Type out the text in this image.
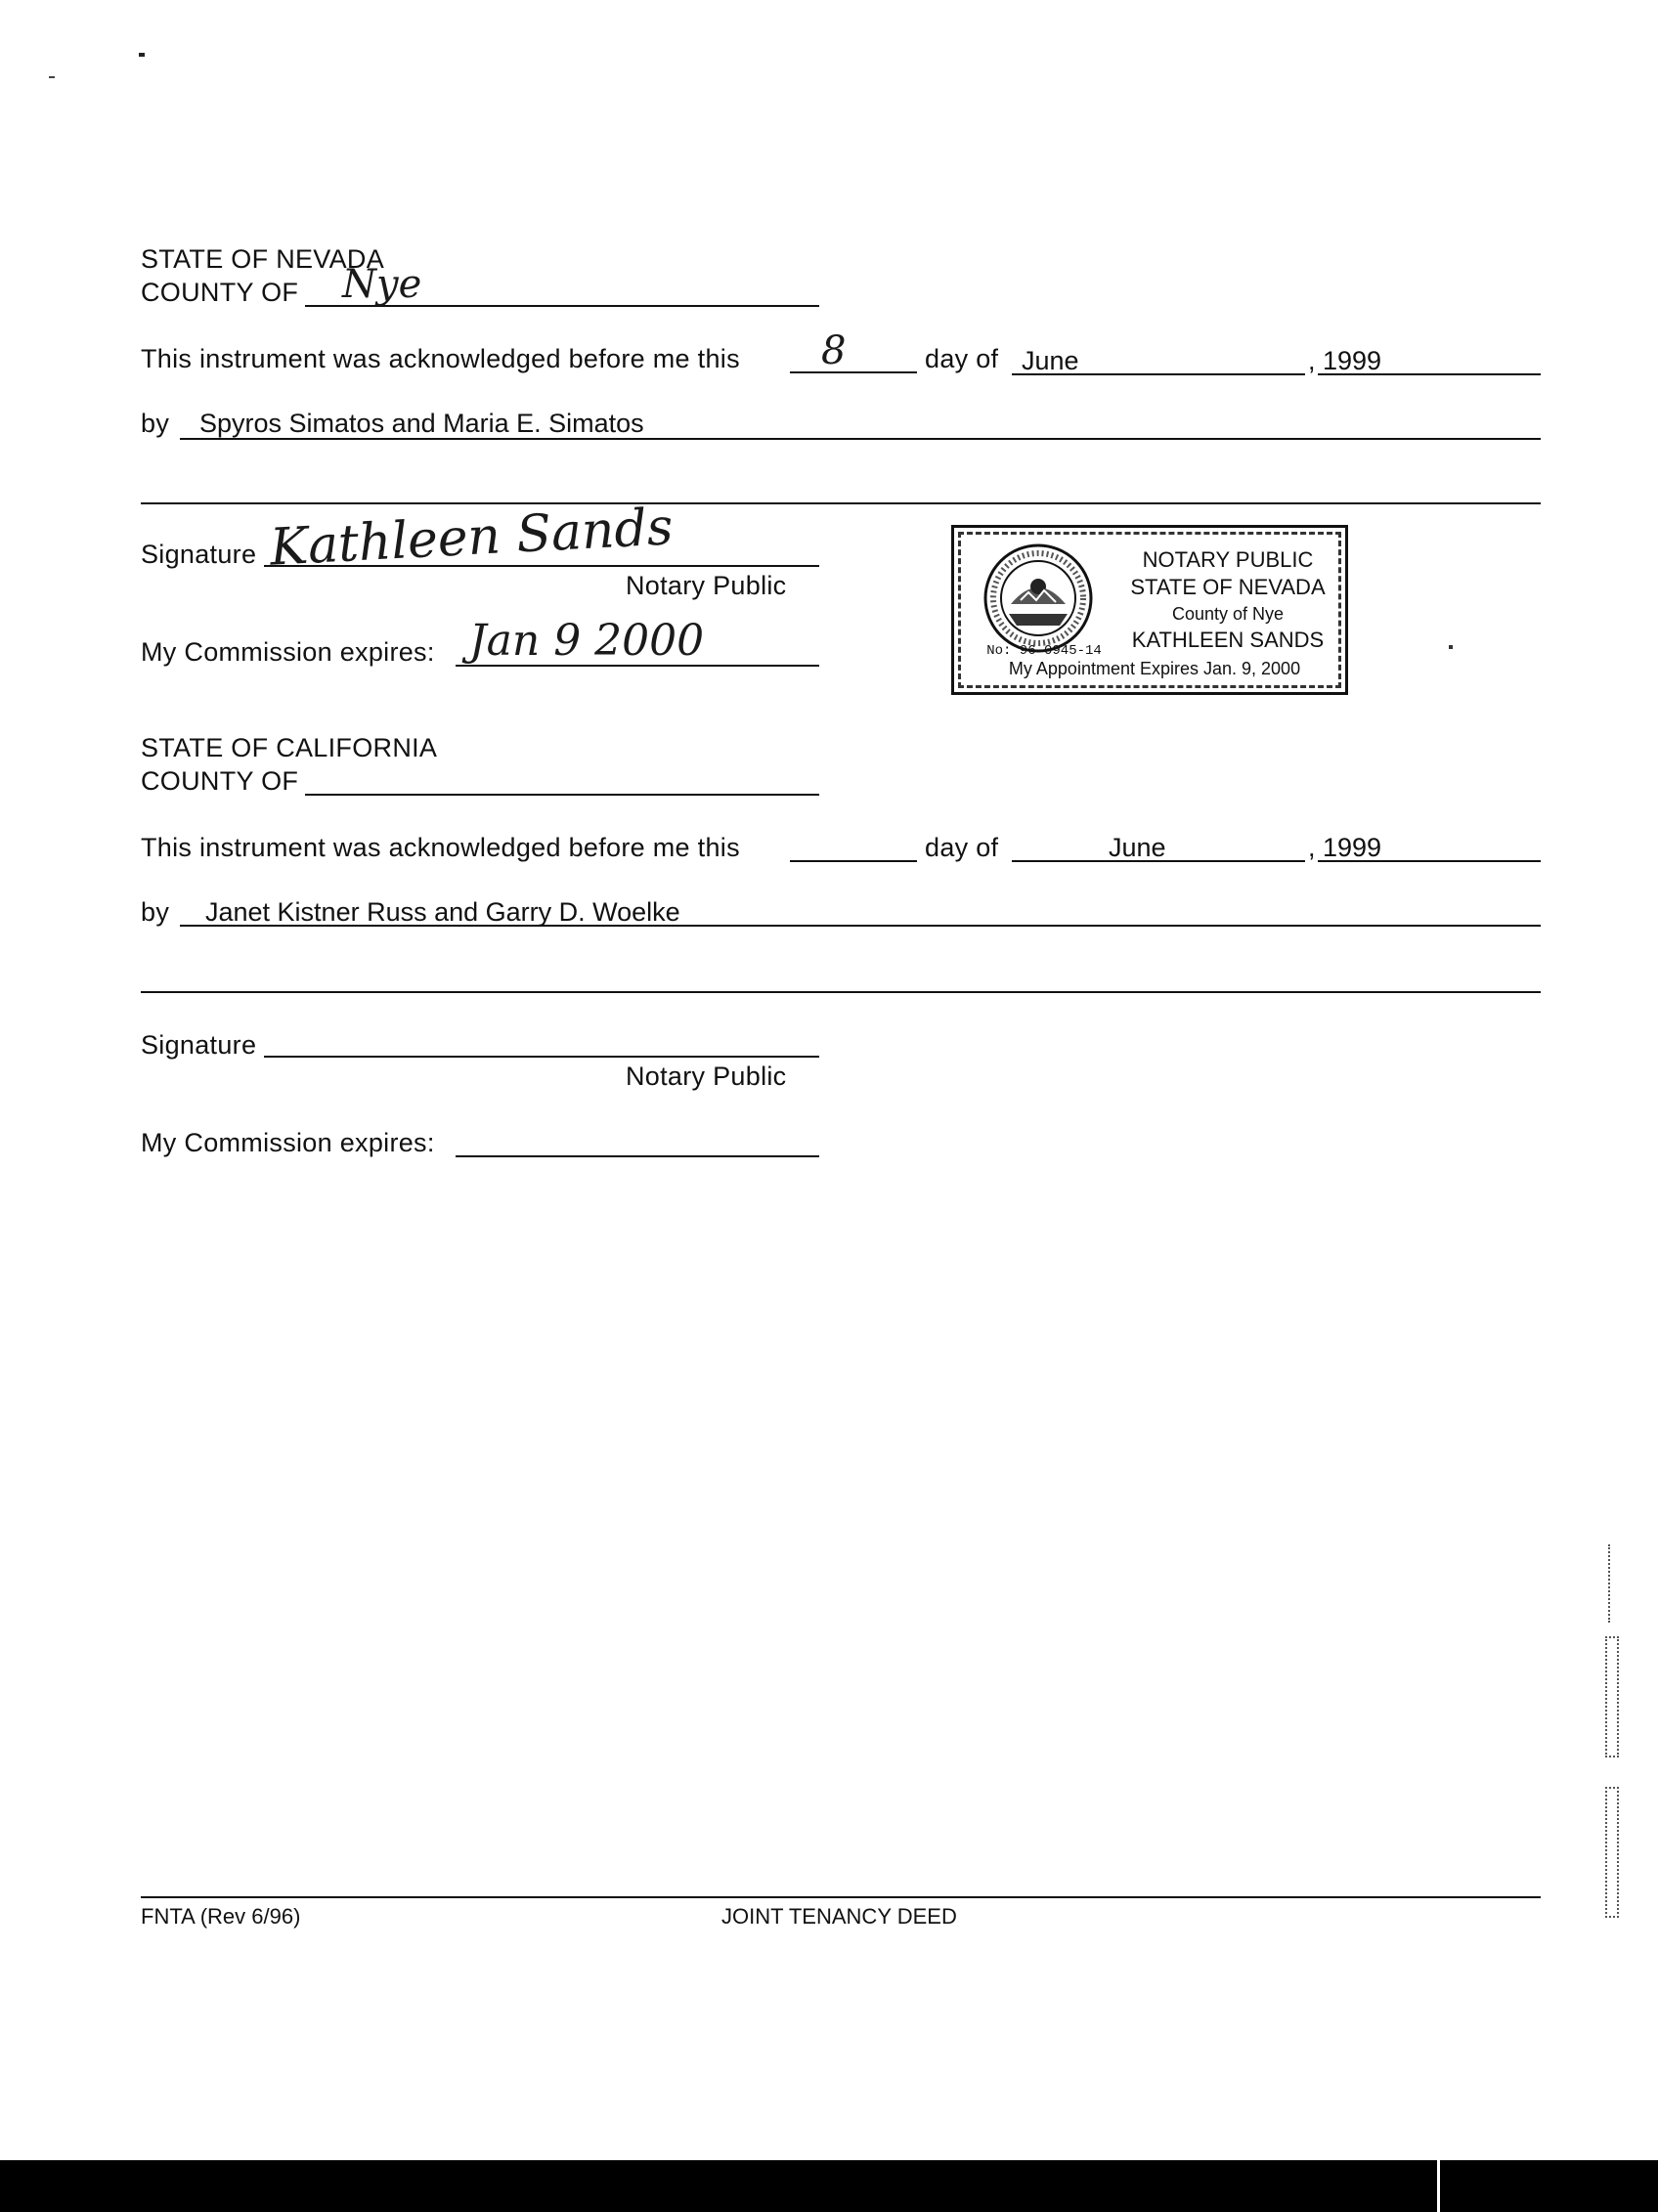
STATE OF NEVADA
COUNTY OF Nye
This instrument was acknowledged before me this 8	day of June	, 1999
by Spyros Simatos and Maria E. Simatos
Signature Kathleen Sands
Notary Public
My Commission expires: Jan 9 2000
NOTARY PUBLIC
STATE OF NEVADA
County of Nye
KATHLEEN SANDS
No: 96-0945-14
My Appointment Expires Jan. 9, 2000
STATE OF CALIFORNIA
COUNTY OF
This instrument was acknowledged before me this	day of	June	, 1999
by Janet Kistner Russ and Garry D. Woelke
Signature
Notary Public
My Commission expires:
FNTA (Rev 6/96)	JOINT TENANCY DEED
